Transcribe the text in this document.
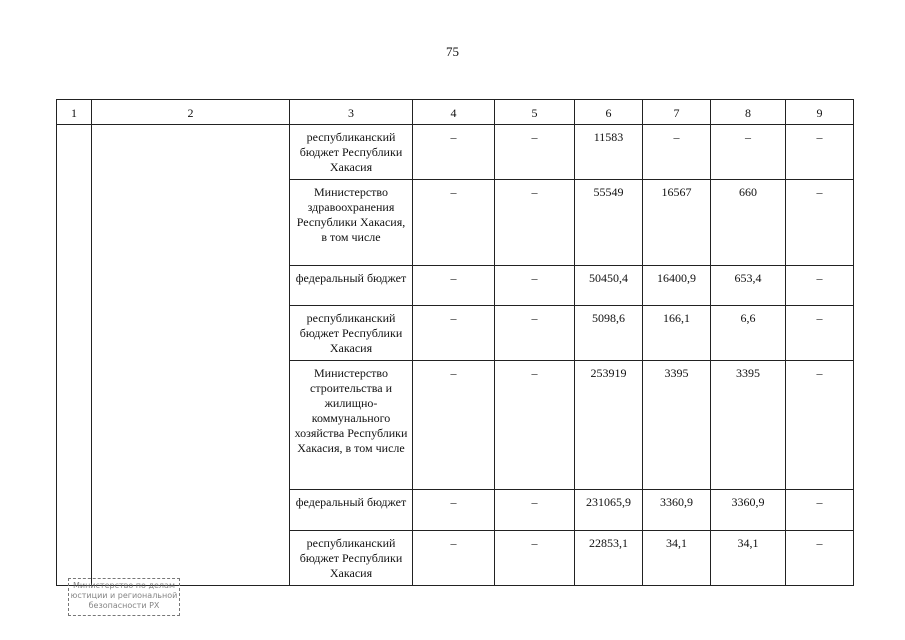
75
1	2	3	4	5	6	7	8	9
		республиканский бюджет Республики Хакасия	–	–	11583	–	–	–
		Министерство здравоохранения Республики Хакасия, в том числе	–	–	55549	16567	660	–
		федеральный бюджет	–	–	50450,4	16400,9	653,4	–
		республиканский бюджет Республики Хакасия	–	–	5098,6	166,1	6,6	–
		Министерство строительства и жилищно-коммунального хозяйства Республики Хакасия, в том числе	–	–	253919	3395	3395	–
		федеральный бюджет	–	–	231065,9	3360,9	3360,9	–
		республиканский бюджет Республики Хакасия	–	–	22853,1	34,1	34,1	–
Министерство по делам
юстиции и региональной
безопасности РХ
